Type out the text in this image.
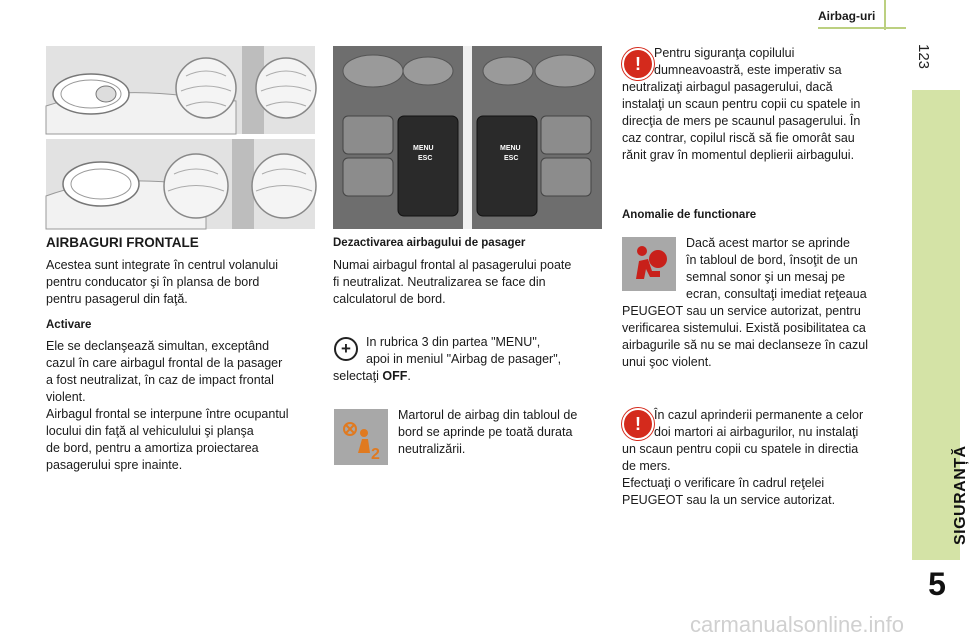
Airbag-uri
123
SIGURANȚĂ
5
MENU
ESC
MENU
ESC
AIRBAGURI FRONTALE
Acestea sunt integrate în centrul volanului
pentru conducator şi în plansa de bord
pentru pasagerul din faţă.
Activare
Ele se declanşează simultan, exceptând
cazul în care airbagul frontal de la pasager
a fost neutralizat, în caz de impact frontal
violent.
Airbagul frontal se interpune între ocupantul
locului din faţă al vehiculului şi planşa
de bord, pentru a amortiza proiectarea
pasagerului spre inainte.
Dezactivarea airbagului de pasager
Numai airbagul frontal al pasagerului poate
fi neutralizat. Neutralizarea se face din
calculatorul de bord.
+	In rubrica 3 din partea "MENU",
apoi in meniul "Airbag de pasager",
selectaţi OFF.
2
Martorul de airbag din tabloul de
bord se aprinde pe toată durata
neutralizării.
!
Pentru siguranţa copilului
dumneavoastră, este imperativ sa
neutralizaţi airbagul pasagerului, dacă
instalaţi un scaun pentru copii cu spatele in
direcţia de mers pe scaunul pasagerului. În
caz contrar, copilul riscă să fie omorât sau
rănit grav în momentul deplierii airbagului.
Anomalie de functionare
Dacă acest martor se aprinde
în tabloul de bord, însoţit de un
semnal sonor şi un mesaj pe
ecran, consultaţi imediat reţeaua
PEUGEOT sau un service autorizat, pentru
verificarea sistemului. Există posibilitatea ca
airbagurile să nu se mai declanseze în cazul
unui şoc violent.
!	În cazul aprinderii permanente a celor
doi martori ai airbagurilor, nu instalaţi
un scaun pentru copii cu spatele in directia
de mers.
Efectuaţi o verificare în cadrul reţelei
PEUGEOT sau la un service autorizat.
carmanualsonline.info
